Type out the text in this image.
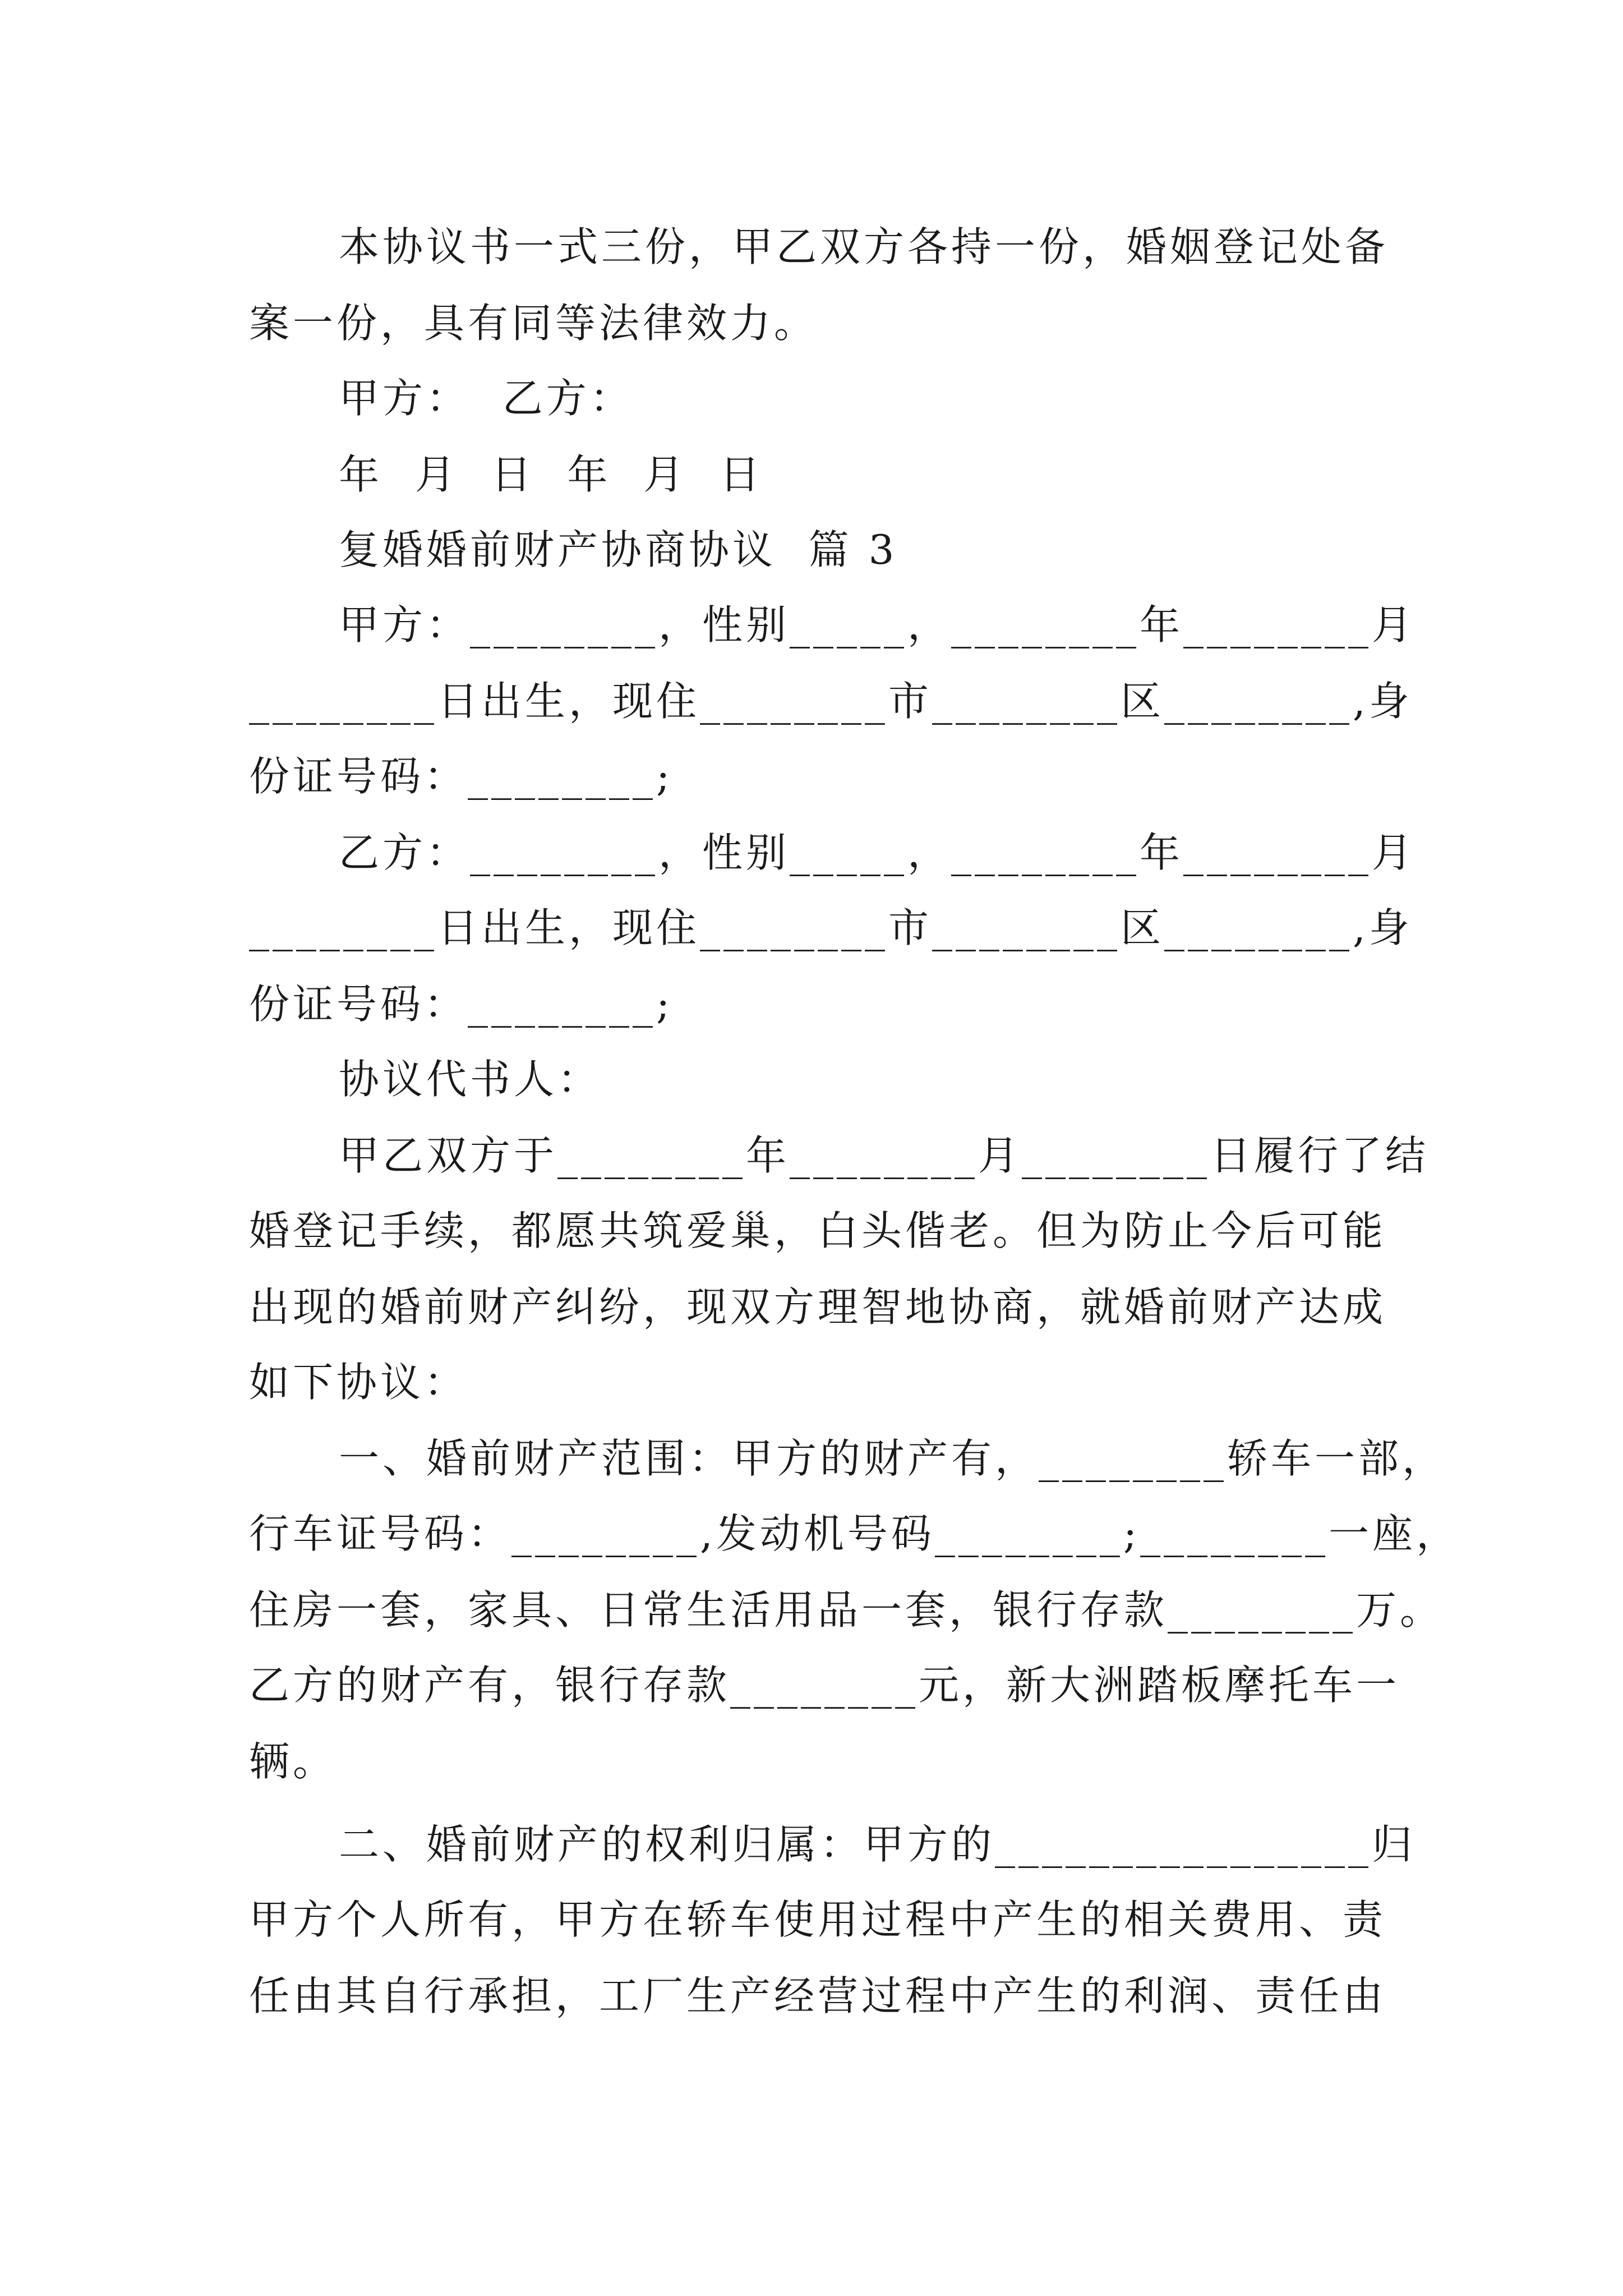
本协议书一式三份，甲乙双方各持一份，婚姻登记处备
案一份，具有同等法律效力。
甲方：  乙方：
年  月  日  年  月  日
复婚婚前财产协商协议  篇 3
甲方：________，性别_____，________年________月
________日出生，现住________市________区________,身
份证号码：________;
乙方：________，性别_____，________年________月
________日出生，现住________市________区________,身
份证号码：________;
协议代书人：
甲乙双方于________年________月________日履行了结
婚登记手续，都愿共筑爱巢，白头偕老。但为防止今后可能
出现的婚前财产纠纷，现双方理智地协商，就婚前财产达成
如下协议：
一、婚前财产范围：甲方的财产有，________轿车一部，
行车证号码：________,发动机号码________;________一座，
住房一套，家具、日常生活用品一套，银行存款________万。
乙方的财产有，银行存款________元，新大洲踏板摩托车一
辆。
二、婚前财产的权利归属：甲方的________________归
甲方个人所有，甲方在轿车使用过程中产生的相关费用、责
任由其自行承担，工厂生产经营过程中产生的利润、责任由
